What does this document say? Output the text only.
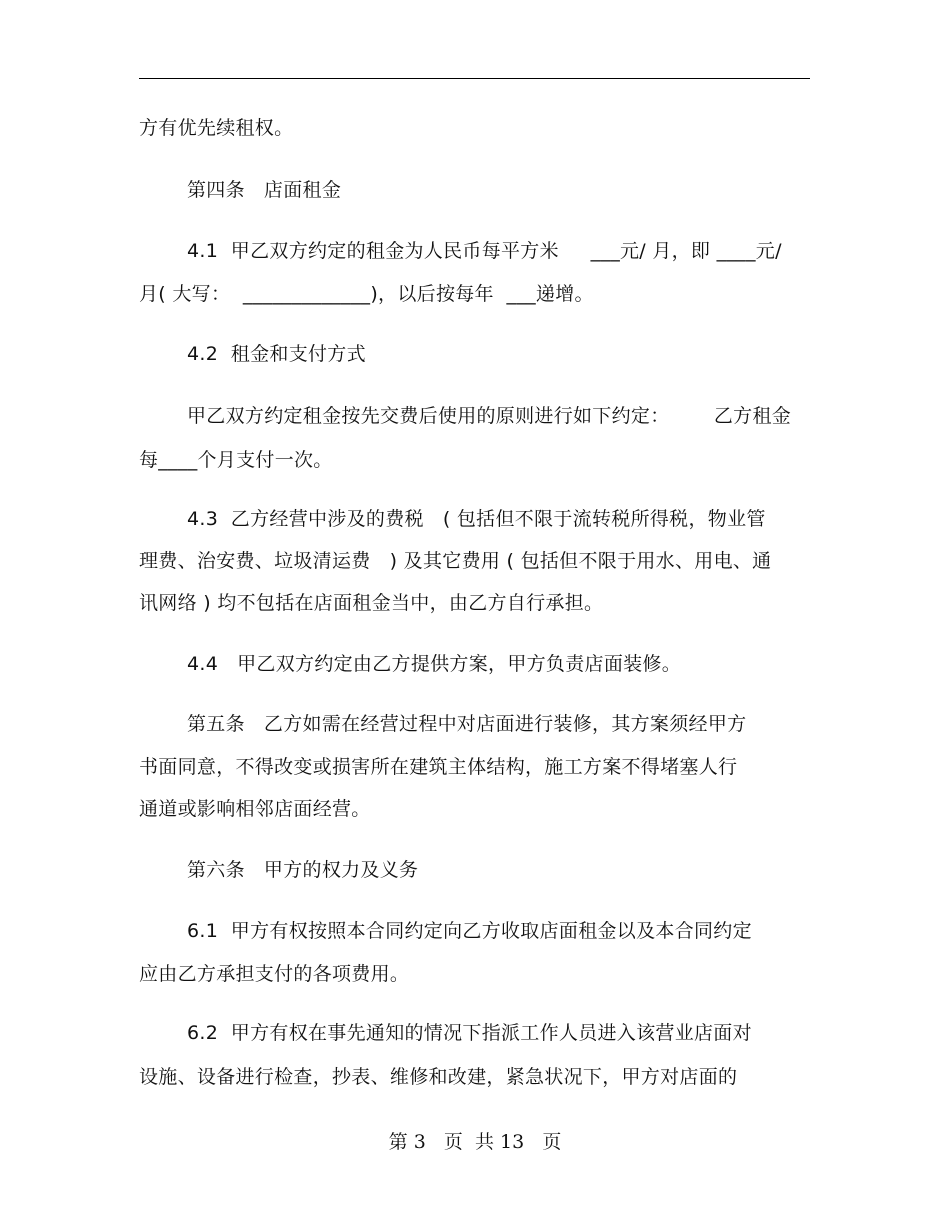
方有优先续租权。
第四条   店面租金
4.1  甲乙双方约定的租金为人民币每平方米     ___元/ 月，即 ____元/
月( 大写：  _____________)，以后按每年  ___递增。
4.2  租金和支付方式
甲乙双方约定租金按先交费后使用的原则进行如下约定：       乙方租金
每____个月支付一次。
4.3  乙方经营中涉及的费税   ( 包括但不限于流转税所得税，物业管
理费、治安费、垃圾清运费   ) 及其它费用 ( 包括但不限于用水、用电、通
讯网络 ) 均不包括在店面租金当中，由乙方自行承担。
4.4   甲乙双方约定由乙方提供方案，甲方负责店面装修。
第五条   乙方如需在经营过程中对店面进行装修，其方案须经甲方
书面同意，不得改变或损害所在建筑主体结构，施工方案不得堵塞人行
通道或影响相邻店面经营。
第六条   甲方的权力及义务
6.1  甲方有权按照本合同约定向乙方收取店面租金以及本合同约定
应由乙方承担支付的各项费用。
6.2  甲方有权在事先通知的情况下指派工作人员进入该营业店面对
设施、设备进行检查，抄表、维修和改建，紧急状况下，甲方对店面的
第 3   页  共 13   页
